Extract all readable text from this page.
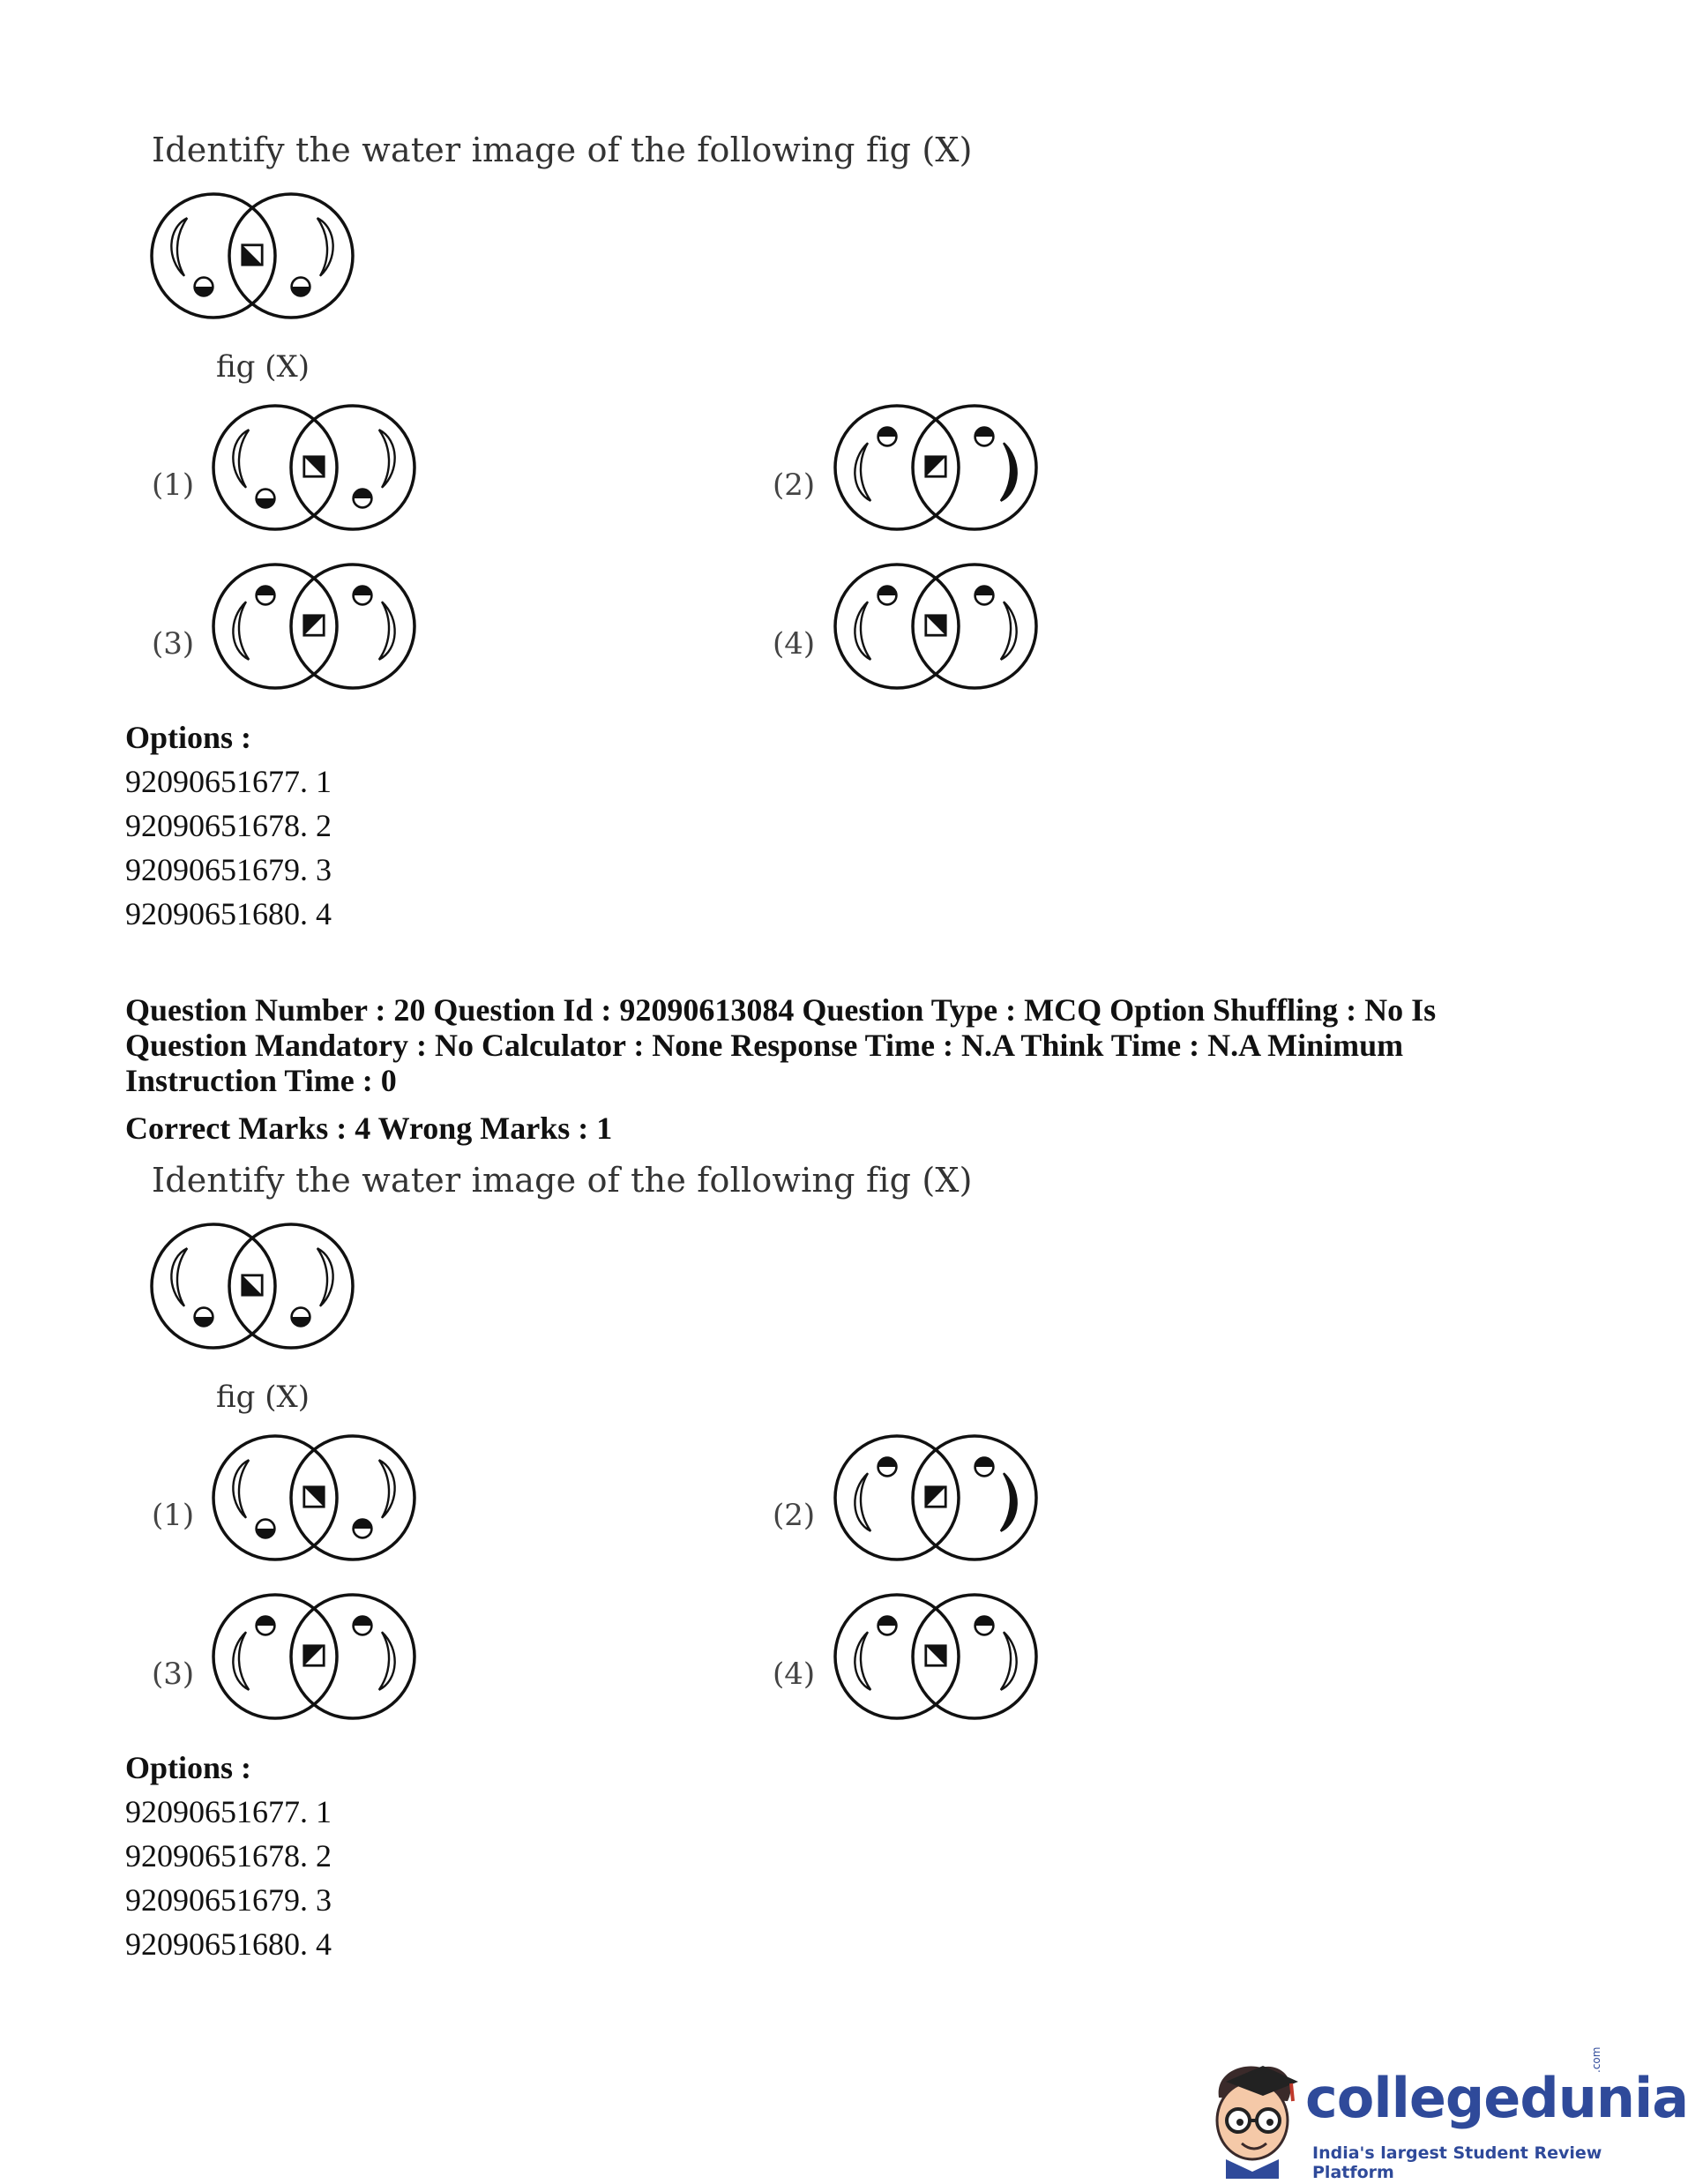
Identify the water image of the following fig (X)

fig (X)
(1)	(2)
(3)	(4)

Options :

92090651677. 1

92090651678. 2

92090651679. 3

92090651680. 4

Question Number : 20 Question Id : 92090613084 Question Type : MCQ Option Shuffling : No Is Question Mandatory : No Calculator : None Response Time : N.A Think Time : N.A Minimum Instruction Time : 0

Correct Marks : 4 Wrong Marks : 1

Identify the water image of the following fig (X)

fig (X)
(1)	(2)
(3)	(4)

Options :

92090651677. 1

92090651678. 2

92090651679. 3

92090651680. 4

collegedunia
.com
India's largest Student Review Platform
